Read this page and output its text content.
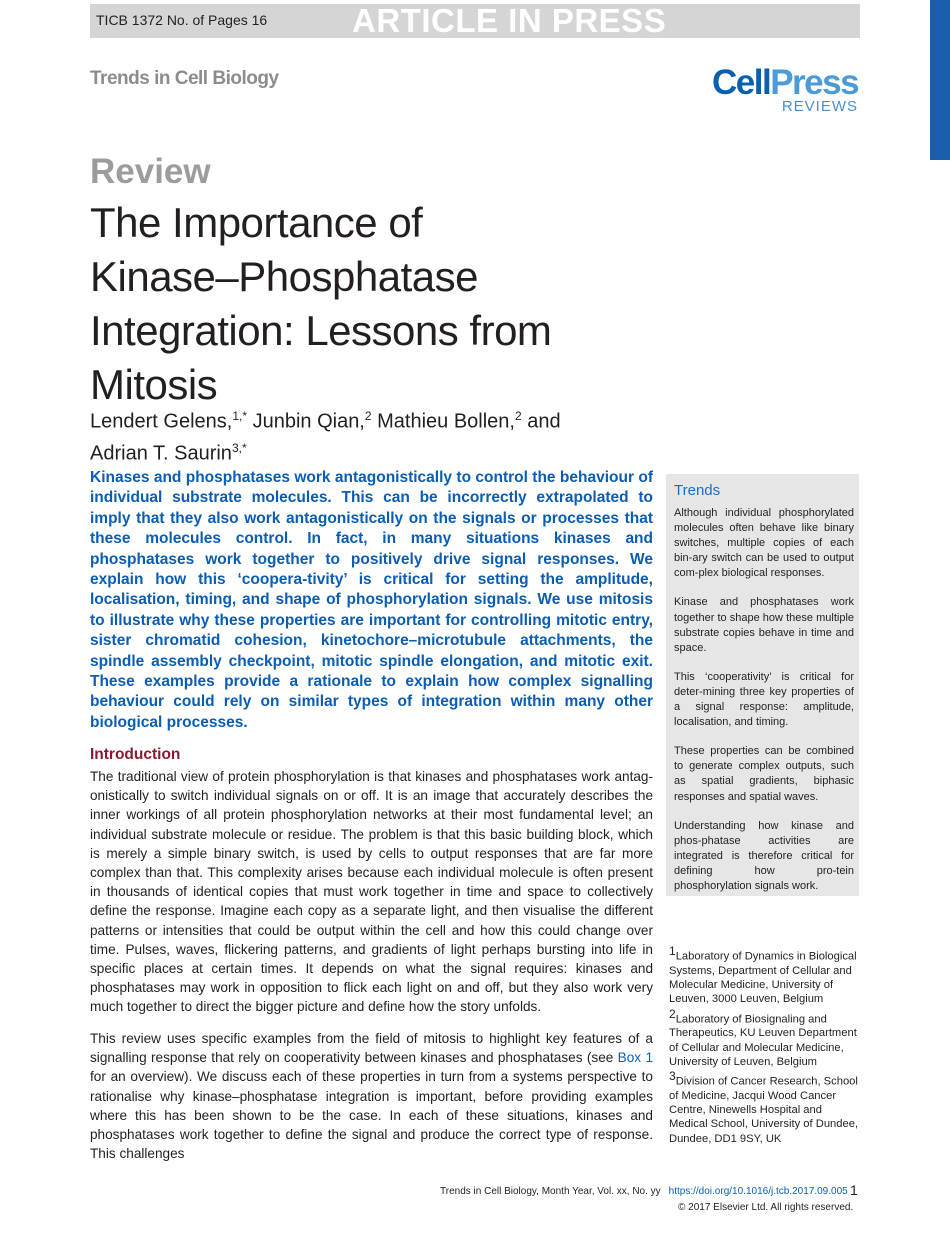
TICB 1372 No. of Pages 16	ARTICLE IN PRESS
Trends in Cell Biology	CellPress
REVIEWS
Review
The Importance of
Kinase–Phosphatase
Integration: Lessons from
Mitosis
Lendert Gelens,$^{1,*}$ Junbin Qian,$^2$ Mathieu Bollen,$^2$ and
Adrian T. Saurin$^{3,*}$
Kinases and phosphatases work antagonistically to control the behaviour of individual substrate molecules. This can be incorrectly extrapolated to imply that they also work antagonistically on the signals or processes that these molecules control. In fact, in many situations kinases and phosphatases work together to positively drive signal responses. We explain how this ‘coopera-tivity’ is critical for setting the amplitude, localisation, timing, and shape of phosphorylation signals. We use mitosis to illustrate why these properties are important for controlling mitotic entry, sister chromatid cohesion, kinetochore–microtubule attachments, the spindle assembly checkpoint, mitotic spindle elongation, and mitotic exit. These examples provide a rationale to explain how complex signalling behaviour could rely on similar types of integration within many other biological processes.
Introduction
The traditional view of protein phosphorylation is that kinases and phosphatases work antag-onistically to switch individual signals on or off. It is an image that accurately describes the inner workings of all protein phosphorylation networks at their most fundamental level; an individual substrate molecule or residue. The problem is that this basic building block, which is merely a simple binary switch, is used by cells to output responses that are far more complex than that. This complexity arises because each individual molecule is often present in thousands of identical copies that must work together in time and space to collectively define the response. Imagine each copy as a separate light, and then visualise the different patterns or intensities that could be output within the cell and how this could change over time. Pulses, waves, flickering patterns, and gradients of light perhaps bursting into life in specific places at certain times. It depends on what the signal requires: kinases and phosphatases may work in opposition to flick each light on and off, but they also work very much together to direct the bigger picture and define how the story unfolds.
This review uses specific examples from the field of mitosis to highlight key features of a signalling response that rely on cooperativity between kinases and phosphatases (see Box 1 for an overview). We discuss each of these properties in turn from a systems perspective to rationalise why kinase–phosphatase integration is important, before providing examples where this has been shown to be the case. In each of these situations, kinases and phosphatases work together to define the signal and produce the correct type of response. This challenges
Trends

Although individual phosphorylated molecules often behave like binary switches, multiple copies of each bin-ary switch can be used to output com-plex biological responses.

Kinase and phosphatases work together to shape how these multiple substrate copies behave in time and space.

This ‘cooperativity’ is critical for deter-mining three key properties of a signal response: amplitude, localisation, and timing.

These properties can be combined to generate complex outputs, such as spatial gradients, biphasic responses and spatial waves.

Understanding how kinase and phos-phatase activities are integrated is therefore critical for defining how pro-tein phosphorylation signals work.

$^1$Laboratory of Dynamics in Biological Systems, Department of Cellular and Molecular Medicine, University of Leuven, 3000 Leuven, Belgium
$^2$Laboratory of Biosignaling and Therapeutics, KU Leuven Department of Cellular and Molecular Medicine, University of Leuven, Belgium
$^3$Division of Cancer Research, School of Medicine, Jacqui Wood Cancer Centre, Ninewells Hospital and Medical School, University of Dundee, Dundee, DD1 9SY, UK
Trends in Cell Biology, Month Year, Vol. xx, No. yy https://doi.org/10.1016/j.tcb.2017.09.005 1
© 2017 Elsevier Ltd. All rights reserved.
